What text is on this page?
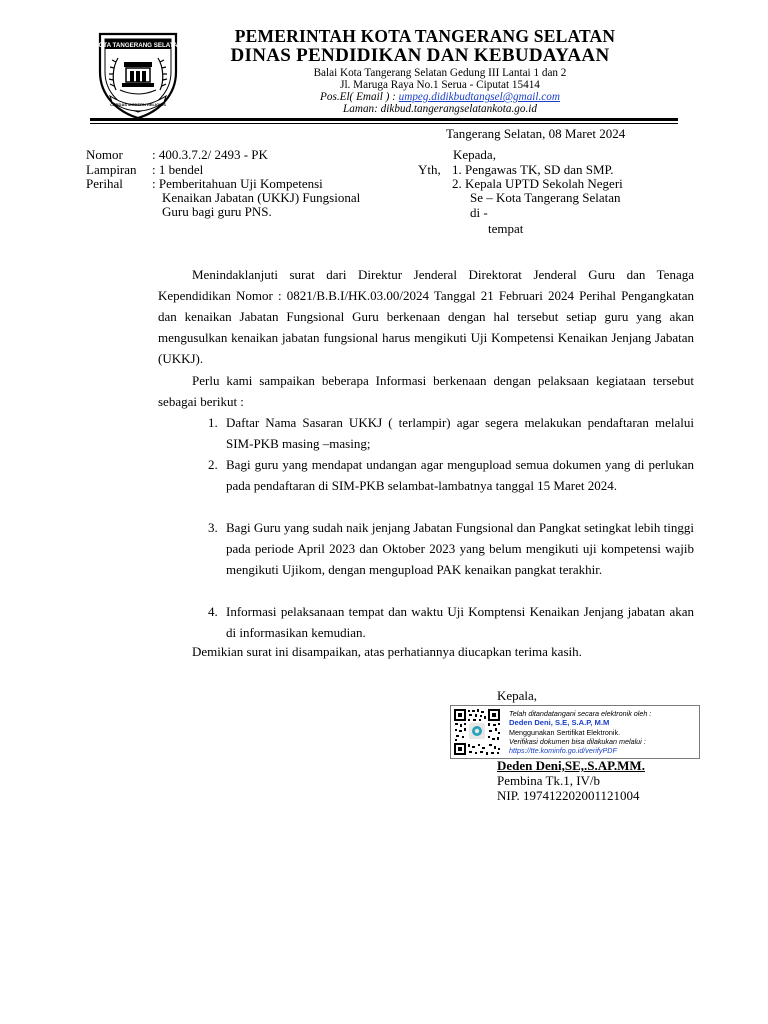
KOTA TANGERANG SELATAN
CERDAS MODERN RELIGIUS
PEMERINTAH KOTA TANGERANG SELATAN
DINAS PENDIDIKAN DAN KEBUDAYAAN
Balai Kota Tangerang Selatan Gedung III Lantai 1 dan 2
Jl. Maruga Raya No.1 Serua - Ciputat 15414
Pos.El( Email ) : umpeg.didikbudtangsel@gmail.com
Laman: dikbud.tangerangselatankota.go.id
Tangerang Selatan, 08 Maret 2024
Nomor : 400.3.7.2/ 2493 - PK
Lampiran : 1 bendel
Perihal : Pemberitahuan Uji Kompetensi
Kenaikan Jabatan (UKKJ) Fungsional
Guru bagi guru PNS.
Kepada,
Yth, 1. Pengawas TK, SD dan SMP.
2. Kepala UPTD Sekolah Negeri
Se – Kota Tangerang Selatan
di -
tempat
Menindaklanjuti surat dari Direktur Jenderal Direktorat Jenderal Guru dan Tenaga Kependidikan Nomor : 0821/B.B.I/HK.03.00/2024 Tanggal 21 Februari 2024 Perihal Pengangkatan dan kenaikan Jabatan Fungsional Guru berkenaan dengan hal tersebut setiap guru yang akan mengusulkan kenaikan jabatan fungsional harus mengikuti Uji Kompetensi Kenaikan Jenjang Jabatan (UKKJ).
Perlu kami sampaikan beberapa Informasi berkenaan dengan pelaksaan kegiataan tersebut sebagai berikut :
1. Daftar Nama Sasaran UKKJ ( terlampir) agar segera melakukan pendaftaran melalui SIM-PKB masing –masing;
2. Bagi guru yang mendapat undangan agar mengupload semua dokumen yang di perlukan pada pendaftaran di SIM-PKB selambat-lambatnya tanggal 15 Maret 2024.
3. Bagi Guru yang sudah naik jenjang Jabatan Fungsional dan Pangkat setingkat lebih tinggi pada periode April 2023 dan Oktober 2023 yang belum mengikuti uji kompetensi wajib mengikuti Ujikom, dengan mengupload PAK kenaikan pangkat terakhir.
4. Informasi pelaksanaan tempat dan waktu Uji Komptensi Kenaikan Jenjang jabatan akan di informasikan kemudian.
Demikian surat ini disampaikan, atas perhatiannya diucapkan terima kasih.
Kepala,
Telah ditandatangani secara elektronik oleh :
Deden Deni, S.E, S.A.P, M.M
Menggunakan Sertifikat Elektronik.
Verifikasi dokumen bisa dilakukan melalui :
https://tte.kominfo.go.id/verifyPDF
Deden Deni,SE,.S.AP.MM.
Pembina Tk.1, IV/b
NIP. 197412202001121004
